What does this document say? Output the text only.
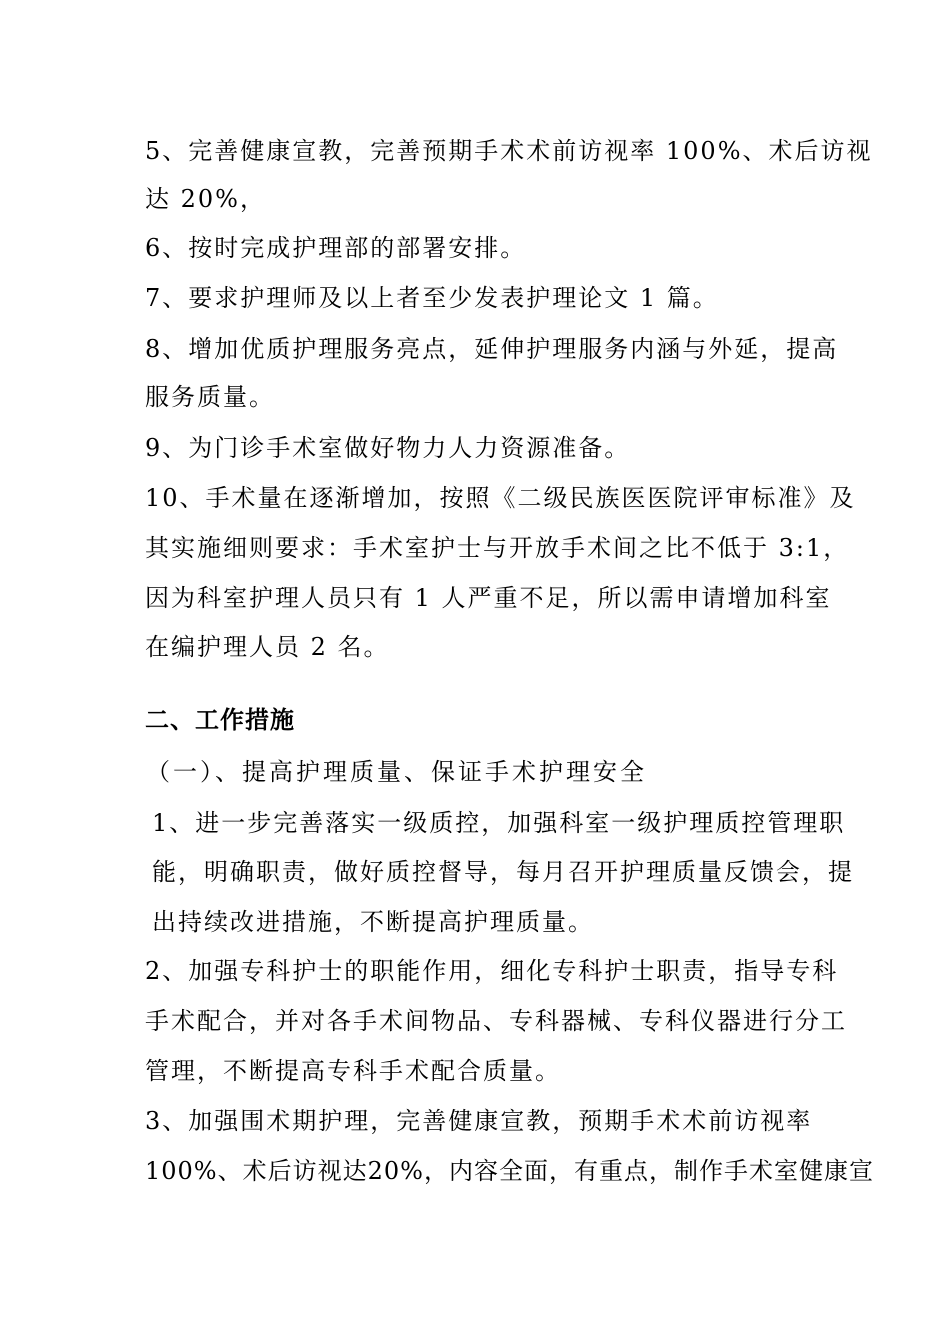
5、完善健康宣教，完善预期手术术前访视率 100%、术后访视
达 20%，
6、按时完成护理部的部署安排。
7、要求护理师及以上者至少发表护理论文 1 篇。
8、增加优质护理服务亮点，延伸护理服务内涵与外延，提高
服务质量。
9、为门诊手术室做好物力人力资源准备。
10、手术量在逐渐增加，按照《二级民族医医院评审标准》及
其实施细则要求：手术室护士与开放手术间之比不低于 3:1，
因为科室护理人员只有 1 人严重不足，所以需申请增加科室
在编护理人员 2 名。
二、工作措施
（一）、提高护理质量、保证手术护理安全
1、进一步完善落实一级质控，加强科室一级护理质控管理职
能，明确职责，做好质控督导，每月召开护理质量反馈会，提
出持续改进措施，不断提高护理质量。
2、加强专科护士的职能作用，细化专科护士职责，指导专科
手术配合，并对各手术间物品、专科器械、专科仪器进行分工
管理，不断提高专科手术配合质量。
3、加强围术期护理，完善健康宣教，预期手术术前访视率
100%、术后访视达20%，内容全面，有重点，制作手术室健康宣
